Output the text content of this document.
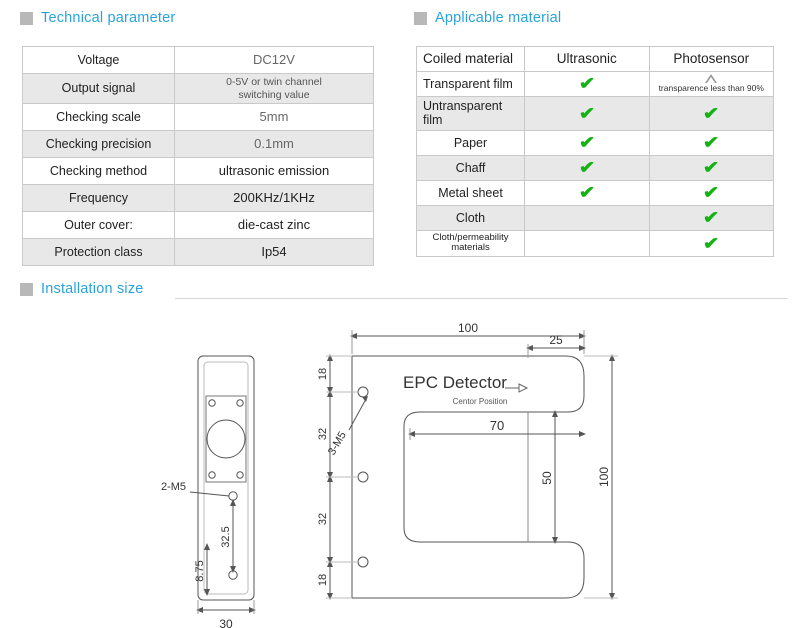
Technical parameter
Voltage	DC12V
Output signal	0-5V or twin channel
switching value
Checking scale	5mm
Checking precision	0.1mm
Checking method	ultrasonic emission
Frequency	200KHz/1KHz
Outer cover:	die-cast zinc
Protection class	Ip54
Applicable material
Coiled material	Ultrasonic	Photosensor
Transparent film	✔	transparence less than 90%

Untransparent
film	✔	✔
Paper	✔	✔
Chaff	✔	✔
Metal sheet	✔	✔
Cloth		✔
Cloth/permeability
materials		✔
Installation size
EPC Detector
Centor Position
2-M5
8.75
32.5
30
100
25
18
32
32
18
3-M5
70
50	100
